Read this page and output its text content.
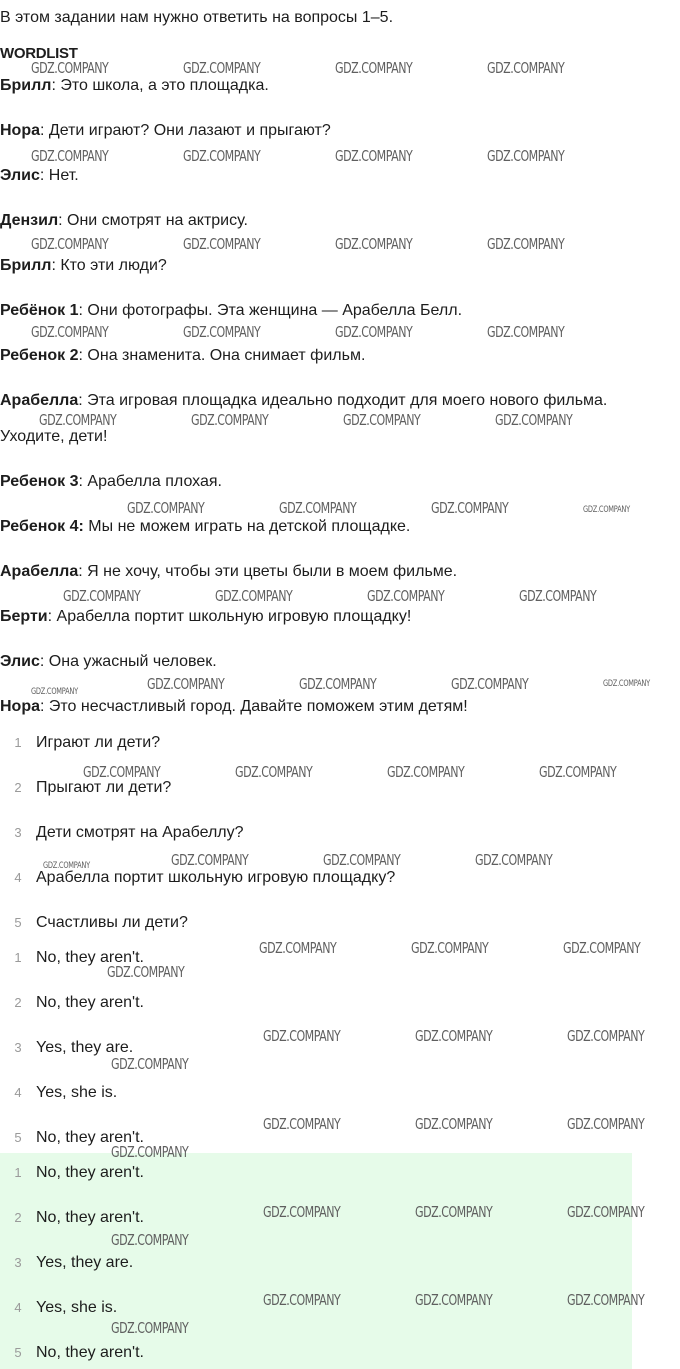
В этом задании нам нужно ответить на вопросы 1–5.
WORDLIST
Брилл: Это школа, а это площадка.
Нора: Дети играют? Они лазают и прыгают?
Элис: Нет.
Дензил: Они смотрят на актрису.
Брилл: Кто эти люди?
Ребёнок 1: Они фотографы. Эта женщина — Арабелла Белл.
Ребенок 2: Она знаменита. Она снимает фильм.
Арабелла: Эта игровая площадка идеально подходит для моего нового фильма.
Уходите, дети!
Ребенок 3: Арабелла плохая.
Ребенок 4: Мы не можем играть на детской площадке.
Арабелла: Я не хочу, чтобы эти цветы были в моем фильме.
Берти: Арабелла портит школьную игровую площадку!
Элис: Она ужасный человек.
Нора: Это несчастливый город. Давайте поможем этим детям!
1 Играют ли дети?
2 Прыгают ли дети?
3 Дети смотрят на Арабеллу?
4 Арабелла портит школьную игровую площадку?
5 Счастливы ли дети?
1 No, they aren't.
2 No, they aren't.
3 Yes, they are.
4 Yes, she is.
5 No, they aren't.
1 No, they aren't.
2 No, they aren't.
3 Yes, they are.
4 Yes, she is.
5 No, they aren't.
GDZ.COMPANY	GDZ.COMPANY	GDZ.COMPANY	GDZ.COMPANY
GDZ.COMPANY	GDZ.COMPANY	GDZ.COMPANY	GDZ.COMPANY
GDZ.COMPANY	GDZ.COMPANY	GDZ.COMPANY	GDZ.COMPANY
GDZ.COMPANY	GDZ.COMPANY	GDZ.COMPANY	GDZ.COMPANY
GDZ.COMPANY	GDZ.COMPANY	GDZ.COMPANY	GDZ.COMPANY
GDZ.COMPANY	GDZ.COMPANY	GDZ.COMPANY	GDZ.COMPANY
GDZ.COMPANY	GDZ.COMPANY	GDZ.COMPANY	GDZ.COMPANY
GDZ.COMPANY	GDZ.COMPANY	GDZ.COMPANY	GDZ.COMPANY	GDZ.COMPANY
GDZ.COMPANY	GDZ.COMPANY	GDZ.COMPANY	GDZ.COMPANY
GDZ.COMPANY	GDZ.COMPANY	GDZ.COMPANY	GDZ.COMPANY
GDZ.COMPANY	GDZ.COMPANY	GDZ.COMPANY
GDZ.COMPANY
GDZ.COMPANY	GDZ.COMPANY	GDZ.COMPANY
GDZ.COMPANY
GDZ.COMPANY	GDZ.COMPANY	GDZ.COMPANY
GDZ.COMPANY
GDZ.COMPANY	GDZ.COMPANY	GDZ.COMPANY
GDZ.COMPANY
GDZ.COMPANY	GDZ.COMPANY	GDZ.COMPANY
GDZ.COMPANY
